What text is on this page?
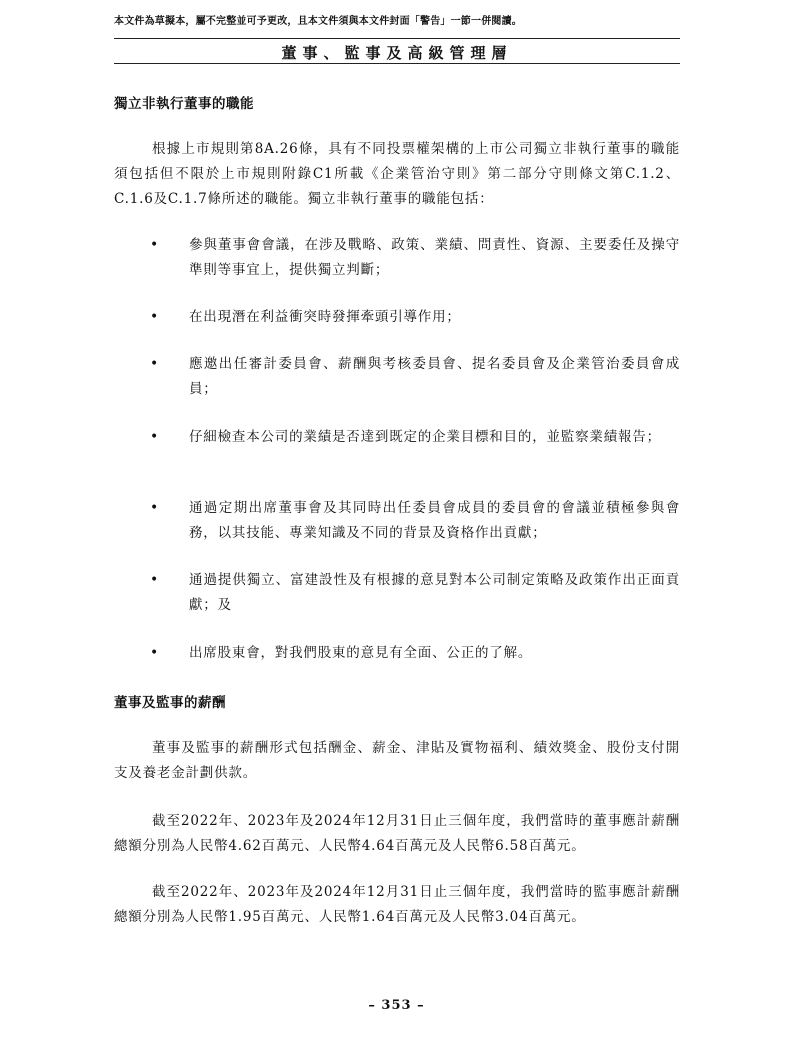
本文件為草擬本，屬不完整並可予更改，且本文件須與本文件封面「警告」一節一併閱讀。
董事、監事及高級管理層
獨立非執行董事的職能

根據上市規則第8A.26條，具有不同投票權架構的上市公司獨立非執行董事的職能須包括但不限於上市規則附錄C1所載《企業管治守則》第二部分守則條文第C.1.2、C.1.6及C.1.7條所述的職能。獨立非執行董事的職能包括：

• 參與董事會會議，在涉及戰略、政策、業績、問責性、資源、主要委任及操守準則等事宜上，提供獨立判斷；
• 在出現潛在利益衝突時發揮牽頭引導作用；
• 應邀出任審計委員會、薪酬與考核委員會、提名委員會及企業管治委員會成員；
• 仔細檢查本公司的業績是否達到既定的企業目標和目的，並監察業績報告；
• 通過定期出席董事會及其同時出任委員會成員的委員會的會議並積極參與會務，以其技能、專業知識及不同的背景及資格作出貢獻；
• 通過提供獨立、富建設性及有根據的意見對本公司制定策略及政策作出正面貢獻；及
• 出席股東會，對我們股東的意見有全面、公正的了解。
董事及監事的薪酬

董事及監事的薪酬形式包括酬金、薪金、津貼及實物福利、績效獎金、股份支付開支及養老金計劃供款。

截至2022年、2023年及2024年12月31日止三個年度，我們當時的董事應計薪酬總額分別為人民幣4.62百萬元、人民幣4.64百萬元及人民幣6.58百萬元。

截至2022年、2023年及2024年12月31日止三個年度，我們當時的監事應計薪酬總額分別為人民幣1.95百萬元、人民幣1.64百萬元及人民幣3.04百萬元。

– 353 –
